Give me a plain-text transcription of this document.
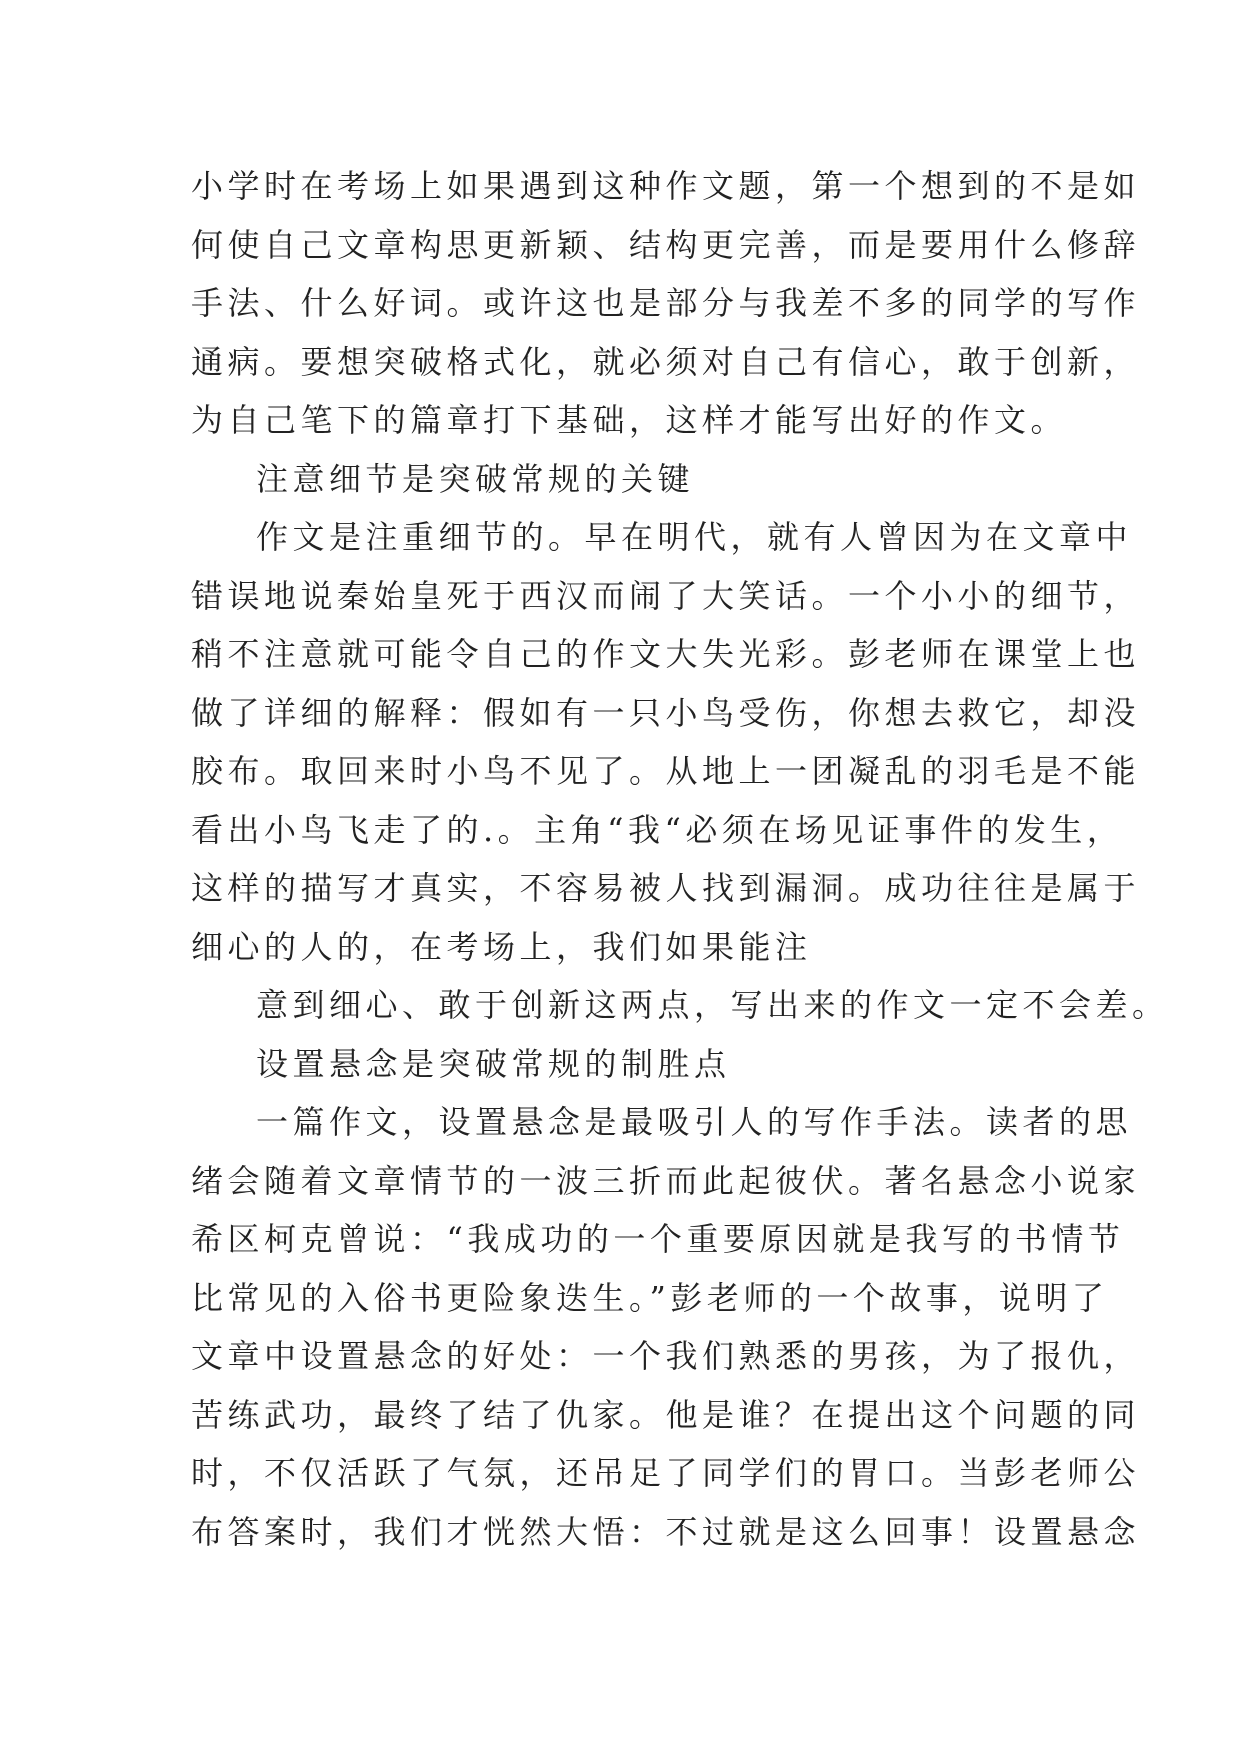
小学时在考场上如果遇到这种作文题，第一个想到的不是如
何使自己文章构思更新颖、结构更完善，而是要用什么修辞
手法、什么好词。或许这也是部分与我差不多的同学的写作
通病。要想突破格式化，就必须对自己有信心，敢于创新，
为自己笔下的篇章打下基础，这样才能写出好的作文。
注意细节是突破常规的关键
作文是注重细节的。早在明代，就有人曾因为在文章中
错误地说秦始皇死于西汉而闹了大笑话。一个小小的细节，
稍不注意就可能令自己的作文大失光彩。彭老师在课堂上也
做了详细的解释：假如有一只小鸟受伤，你想去救它，却没
胶布。取回来时小鸟不见了。从地上一团凝乱的羽毛是不能
看出小鸟飞走了的.。主角“我“必须在场见证事件的发生，
这样的描写才真实，不容易被人找到漏洞。成功往往是属于
细心的人的，在考场上，我们如果能注
意到细心、敢于创新这两点，写出来的作文一定不会差。
设置悬念是突破常规的制胜点
一篇作文，设置悬念是最吸引人的写作手法。读者的思
绪会随着文章情节的一波三折而此起彼伏。著名悬念小说家
希区柯克曾说：“我成功的一个重要原因就是我写的书情节
比常见的入俗书更险象迭生。”彭老师的一个故事，说明了
文章中设置悬念的好处：一个我们熟悉的男孩，为了报仇，
苦练武功，最终了结了仇家。他是谁？在提出这个问题的同
时，不仅活跃了气氛，还吊足了同学们的胃口。当彭老师公
布答案时，我们才恍然大悟：不过就是这么回事！设置悬念
